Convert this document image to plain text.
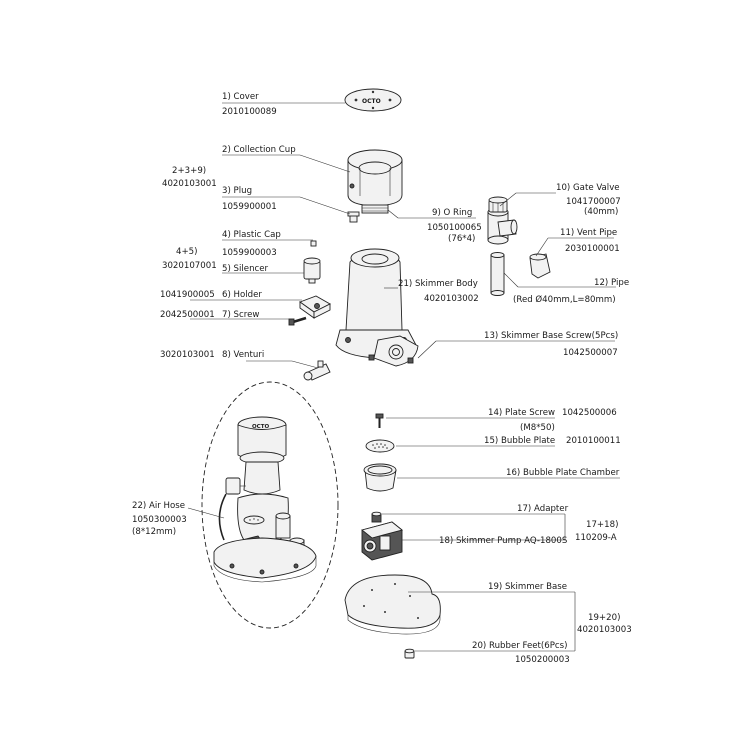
OCTO
1) Cover
2010100089
2) Collection Cup
2+3+9)
4020103001
3) Plug
1059900001
9) O Ring
1050100065
(76*4)
4) Plastic Cap
1059900003
5) Silencer
4+5)
3020107001
1041900005 6) Holder
2042500001 7) Screw
21) Skimmer Body
4020103002
3020103001 8) Venturi
10) Gate Valve
1041700007
(40mm)
11) Vent Pipe
2030100001
12) Pipe
(Red Ø40mm,L=80mm)
13) Skimmer Base Screw(5Pcs)
1042500007
14) Plate Screw 1042500006
(M8*50)
15) Bubble Plate 2010100011
16) Bubble Plate Chamber
17) Adapter
18) Skimmer Pump AQ-1800S
17+18)
110209-A
19) Skimmer Base
19+20)
4020103003
20) Rubber Feet(6Pcs)
1050200003
OCTO
22) Air Hose
1050300003
(8*12mm)
